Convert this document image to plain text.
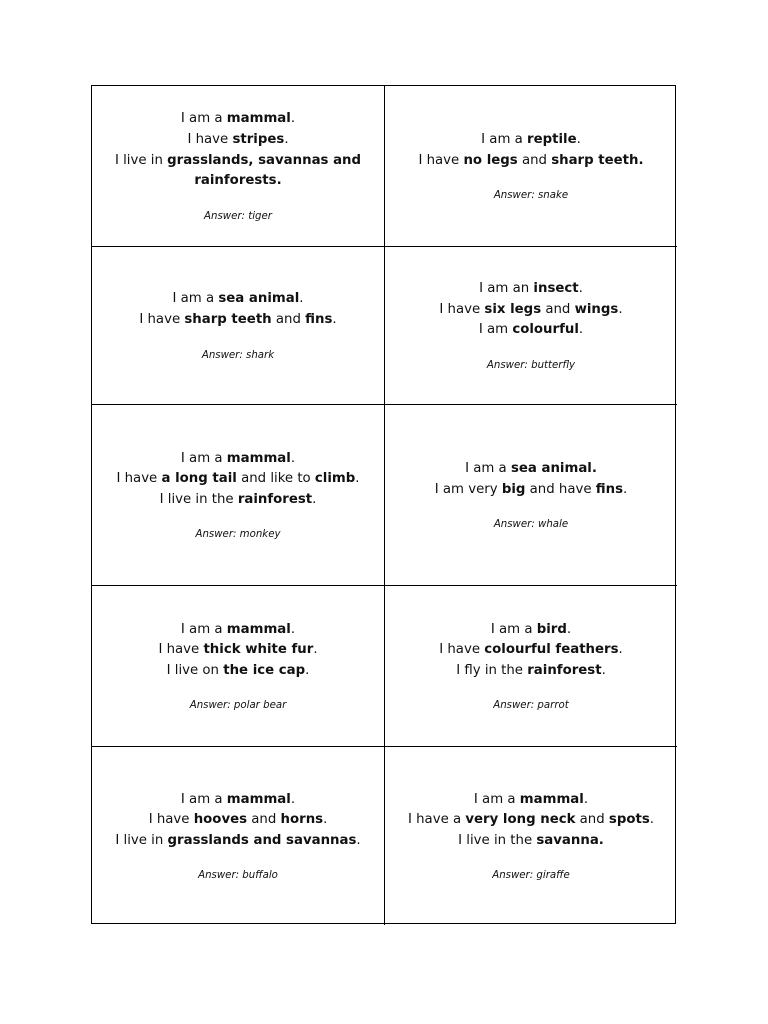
I am a mammal.
I have stripes.
I live in grasslands, savannas and rainforests.
Answer: tiger
I am a reptile.
I have no legs and sharp teeth.
Answer: snake
I am a sea animal.
I have sharp teeth and fins.
Answer: shark
I am an insect.
I have six legs and wings.
I am colourful.
Answer: butterfly
I am a mammal.
I have a long tail and like to climb.
I live in the rainforest.
Answer: monkey
I am a sea animal.
I am very big and have fins.
Answer: whale
I am a mammal.
I have thick white fur.
I live on the ice cap.
Answer: polar bear
I am a bird.
I have colourful feathers.
I fly in the rainforest.
Answer: parrot
I am a mammal.
I have hooves and horns.
I live in grasslands and savannas.
Answer: buffalo
I am a mammal.
I have a very long neck and spots.
I live in the savanna.
Answer: giraffe
